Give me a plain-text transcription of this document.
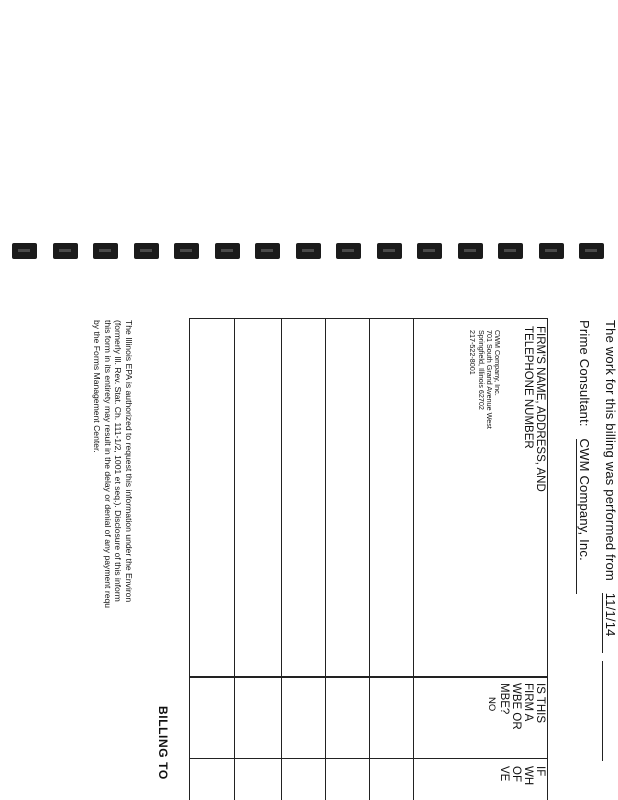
The work for this billing was performed from 11/1/14
Prime Consultant: CWM Company, Inc.
FIRM'S NAME, ADDRESS, AND
TELEPHONE NUMBER
IS THIS
FIRM A
WBE OR
MBE?
IF
WH
OF
VE
CWM Company, Inc.
701 South Grand Avenue West
Springfield, Illinois 62702
217-522-8001
NO
BILLING TO
The Illinois EPA is authorized to request this information under the Environ
(formerly Ill. Rev. Stat. Ch. 111-1/2, 1001 et seq.). Disclosure of this inform
this form in its entirety may result in the delay or denial of any payment requ
by the Forms Management Center.
